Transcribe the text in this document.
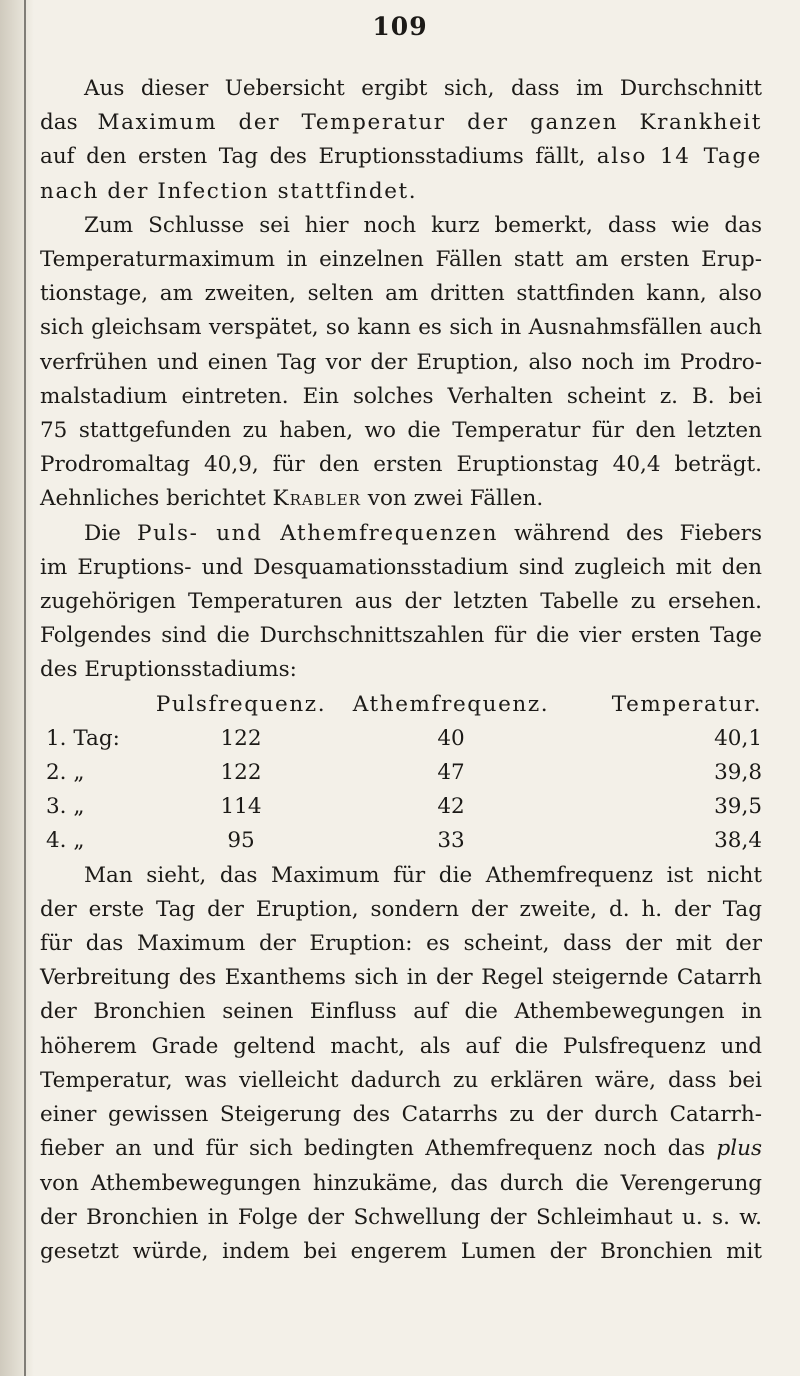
109

Aus dieser Uebersicht ergibt sich, dass im Durchschnitt

das Maximum der Temperatur der ganzen Krankheit

auf den ersten Tag des Eruptionsstadiums fällt, also 14 Tage

nach der Infection stattfindet.

Zum Schlusse sei hier noch kurz bemerkt, dass wie das

Temperaturmaximum in einzelnen Fällen statt am ersten Erup-

tionstage, am zweiten, selten am dritten stattfinden kann, also

sich gleichsam verspätet, so kann es sich in Ausnahmsfällen auch

verfrühen und einen Tag vor der Eruption, also noch im Prodro-

malstadium eintreten. Ein solches Verhalten scheint z. B. bei

75 stattgefunden zu haben, wo die Temperatur für den letzten

Prodromaltag 40,9, für den ersten Eruptionstag 40,4 beträgt.

Aehnliches berichtet Krabler von zwei Fällen.

Die Puls- und Athemfrequenzen während des Fiebers

im Eruptions- und Desquamationsstadium sind zugleich mit den

zugehörigen Temperaturen aus der letzten Tabelle zu ersehen.

Folgendes sind die Durchschnittszahlen für die vier ersten Tage

des Eruptionsstadiums:

	Pulsfrequenz.	Athemfrequenz.	Temperatur.
1. Tag:	122	40	40,1
2. „	122	47	39,8
3. „	114	42	39,5
4. „	95	33	38,4

Man sieht, das Maximum für die Athemfrequenz ist nicht

der erste Tag der Eruption, sondern der zweite, d. h. der Tag

für das Maximum der Eruption: es scheint, dass der mit der

Verbreitung des Exanthems sich in der Regel steigernde Catarrh

der Bronchien seinen Einfluss auf die Athembewegungen in

höherem Grade geltend macht, als auf die Pulsfrequenz und

Temperatur, was vielleicht dadurch zu erklären wäre, dass bei

einer gewissen Steigerung des Catarrhs zu der durch Catarrh-

fieber an und für sich bedingten Athemfrequenz noch das plus

von Athembewegungen hinzukäme, das durch die Verengerung

der Bronchien in Folge der Schwellung der Schleimhaut u. s. w.

gesetzt würde, indem bei engerem Lumen der Bronchien mit
